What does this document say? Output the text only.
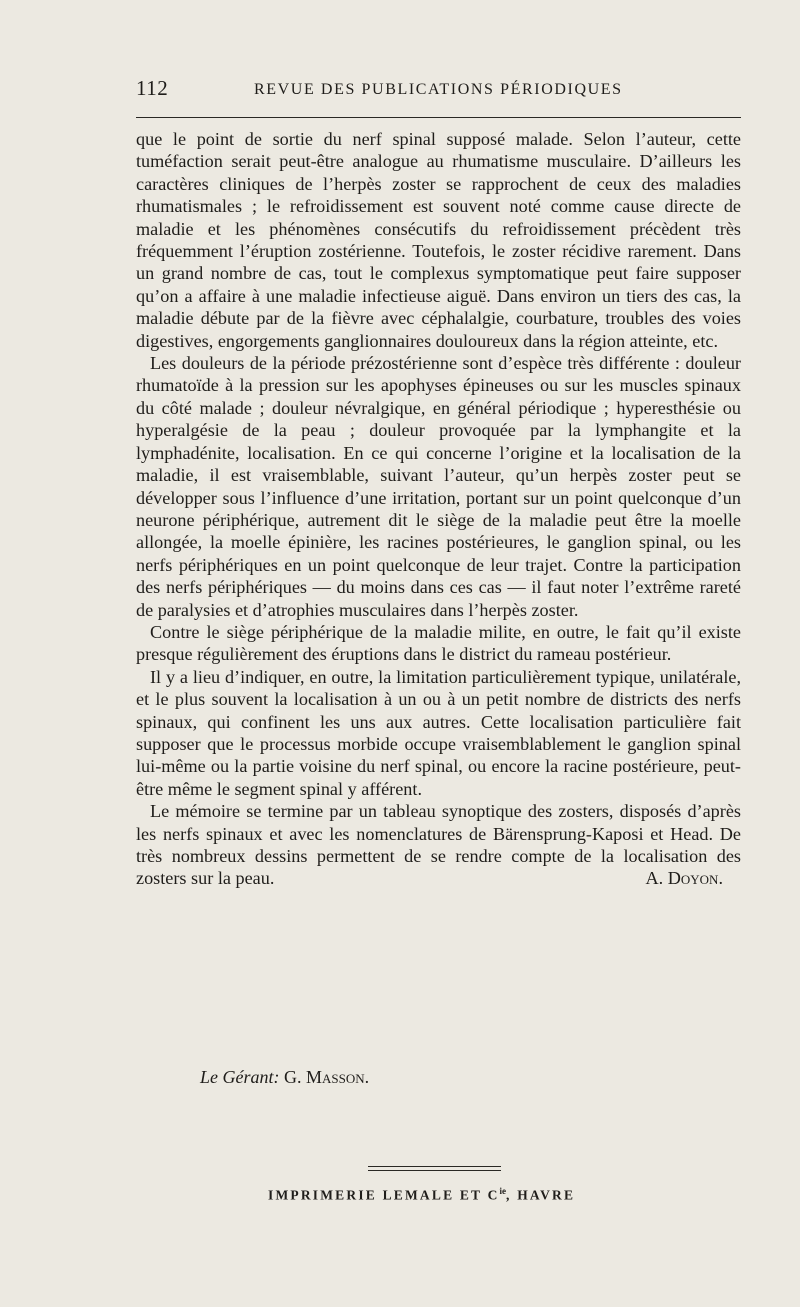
112	REVUE DES PUBLICATIONS PÉRIODIQUES

que le point de sortie du nerf spinal supposé malade. Selon l’auteur, cette tuméfaction serait peut-être analogue au rhumatisme musculaire. D’ailleurs les caractères cliniques de l’herpès zoster se rapprochent de ceux des maladies rhumatismales ; le refroidissement est souvent noté comme cause directe de maladie et les phénomènes consécutifs du refroidissement précèdent très fréquemment l’éruption zostérienne. Toutefois, le zoster récidive rarement. Dans un grand nombre de cas, tout le complexus symptomatique peut faire supposer qu’on a affaire à une maladie infectieuse aiguë. Dans environ un tiers des cas, la maladie débute par de la fièvre avec céphalalgie, courbature, troubles des voies digestives, engorgements ganglionnaires douloureux dans la région atteinte, etc.

Les douleurs de la période prézostérienne sont d’espèce très différente : douleur rhumatoïde à la pression sur les apophyses épineuses ou sur les muscles spinaux du côté malade ; douleur névralgique, en général périodique ; hyperesthésie ou hyperalgésie de la peau ; douleur provoquée par la lymphangite et la lymphadénite, localisation. En ce qui concerne l’origine et la localisation de la maladie, il est vraisemblable, suivant l’auteur, qu’un herpès zoster peut se développer sous l’influence d’une irritation, portant sur un point quelconque d’un neurone périphérique, autrement dit le siège de la maladie peut être la moelle allongée, la moelle épinière, les racines postérieures, le ganglion spinal, ou les nerfs périphériques en un point quelconque de leur trajet. Contre la participation des nerfs périphériques — du moins dans ces cas — il faut noter l’extrême rareté de paralysies et d’atrophies musculaires dans l’herpès zoster.

Contre le siège périphérique de la maladie milite, en outre, le fait qu’il existe presque régulièrement des éruptions dans le district du rameau postérieur.

Il y a lieu d’indiquer, en outre, la limitation particulièrement typique, unilatérale, et le plus souvent la localisation à un ou à un petit nombre de districts des nerfs spinaux, qui confinent les uns aux autres. Cette localisation particulière fait supposer que le processus morbide occupe vraisemblablement le ganglion spinal lui-même ou la partie voisine du nerf spinal, ou encore la racine postérieure, peut-être même le segment spinal y afférent.

Le mémoire se termine par un tableau synoptique des zosters, disposés d’après les nerfs spinaux et avec les nomenclatures de Bärensprung-Kaposi et Head. De très nombreux dessins permettent de se rendre compte de la localisation des zosters sur la peau.	A. Doyon.

Le Gérant: G. Masson.
IMPRIMERIE LEMALE ET $C^{ie}$, HAVRE
